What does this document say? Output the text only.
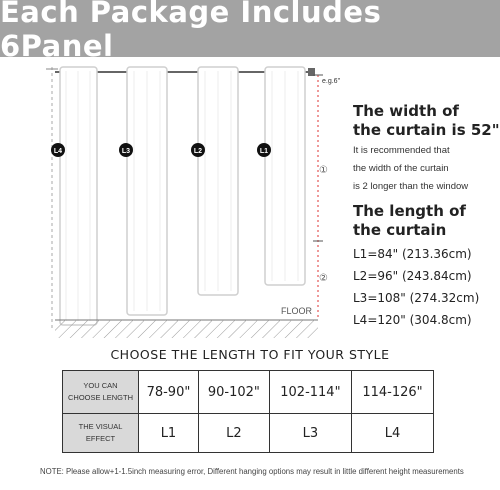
Each Package Includes 6Panel
e.g.6"
①
②
L4	L3	L2	L1
FLOOR
The width of
the curtain is 52"
It is recommended that
the width of the curtain
is 2 longer than the window
The length of
the curtain
L1=84" (213.36cm)
L2=96" (243.84cm)
L3=108" (274.32cm)
L4=120" (304.8cm)
CHOOSE THE LENGTH TO FIT YOUR STYLE
YOU CAN
CHOOSE LENGTH	78-90"	90-102"	102-114"	114-126"

THE VISUAL
EFFECT	L1	L2	L3	L4
NOTE: Please allow+1-1.5inch measuring error, Different hanging options may result in little different height measurements
